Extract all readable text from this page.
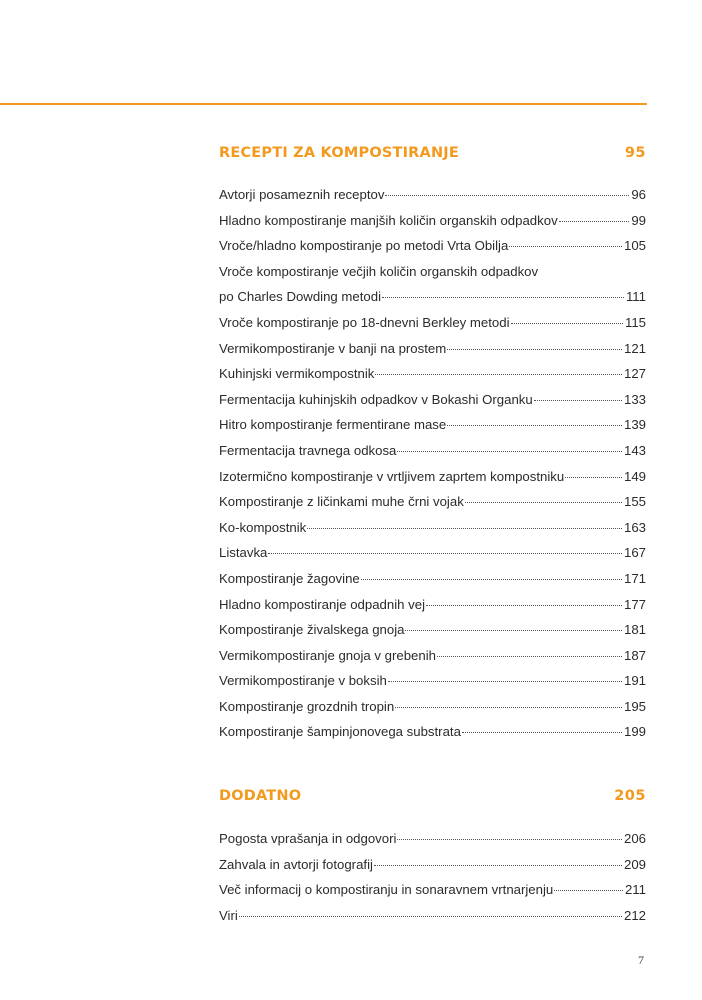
RECEPTI ZA KOMPOSTIRANJE	95
Avtorji posameznih receptov	96
Hladno kompostiranje manjših količin organskih odpadkov	99
Vroče/hladno kompostiranje po metodi Vrta Obilja	105
Vroče kompostiranje večjih količin organskih odpadkov
po Charles Dowding metodi	111
Vroče kompostiranje po 18-dnevni Berkley metodi	115
Vermikompostiranje v banji na prostem	121
Kuhinjski vermikompostnik	127
Fermentacija kuhinjskih odpadkov v Bokashi Organku	133
Hitro kompostiranje fermentirane mase	139
Fermentacija travnega odkosa	143
Izotermično kompostiranje v vrtljivem zaprtem kompostniku	149
Kompostiranje z ličinkami muhe črni vojak	155
Ko-kompostnik	163
Listavka	167
Kompostiranje žagovine	171
Hladno kompostiranje odpadnih vej	177
Kompostiranje živalskega gnoja	181
Vermikompostiranje gnoja v grebenih	187
Vermikompostiranje v boksih	191
Kompostiranje grozdnih tropin	195
Kompostiranje šampinjonovega substrata	199
DODATNO	205
Pogosta vprašanja in odgovori	206
Zahvala in avtorji fotografij	209
Več informacij o kompostiranju in sonaravnem vrtnarjenju	211
Viri	212
7
